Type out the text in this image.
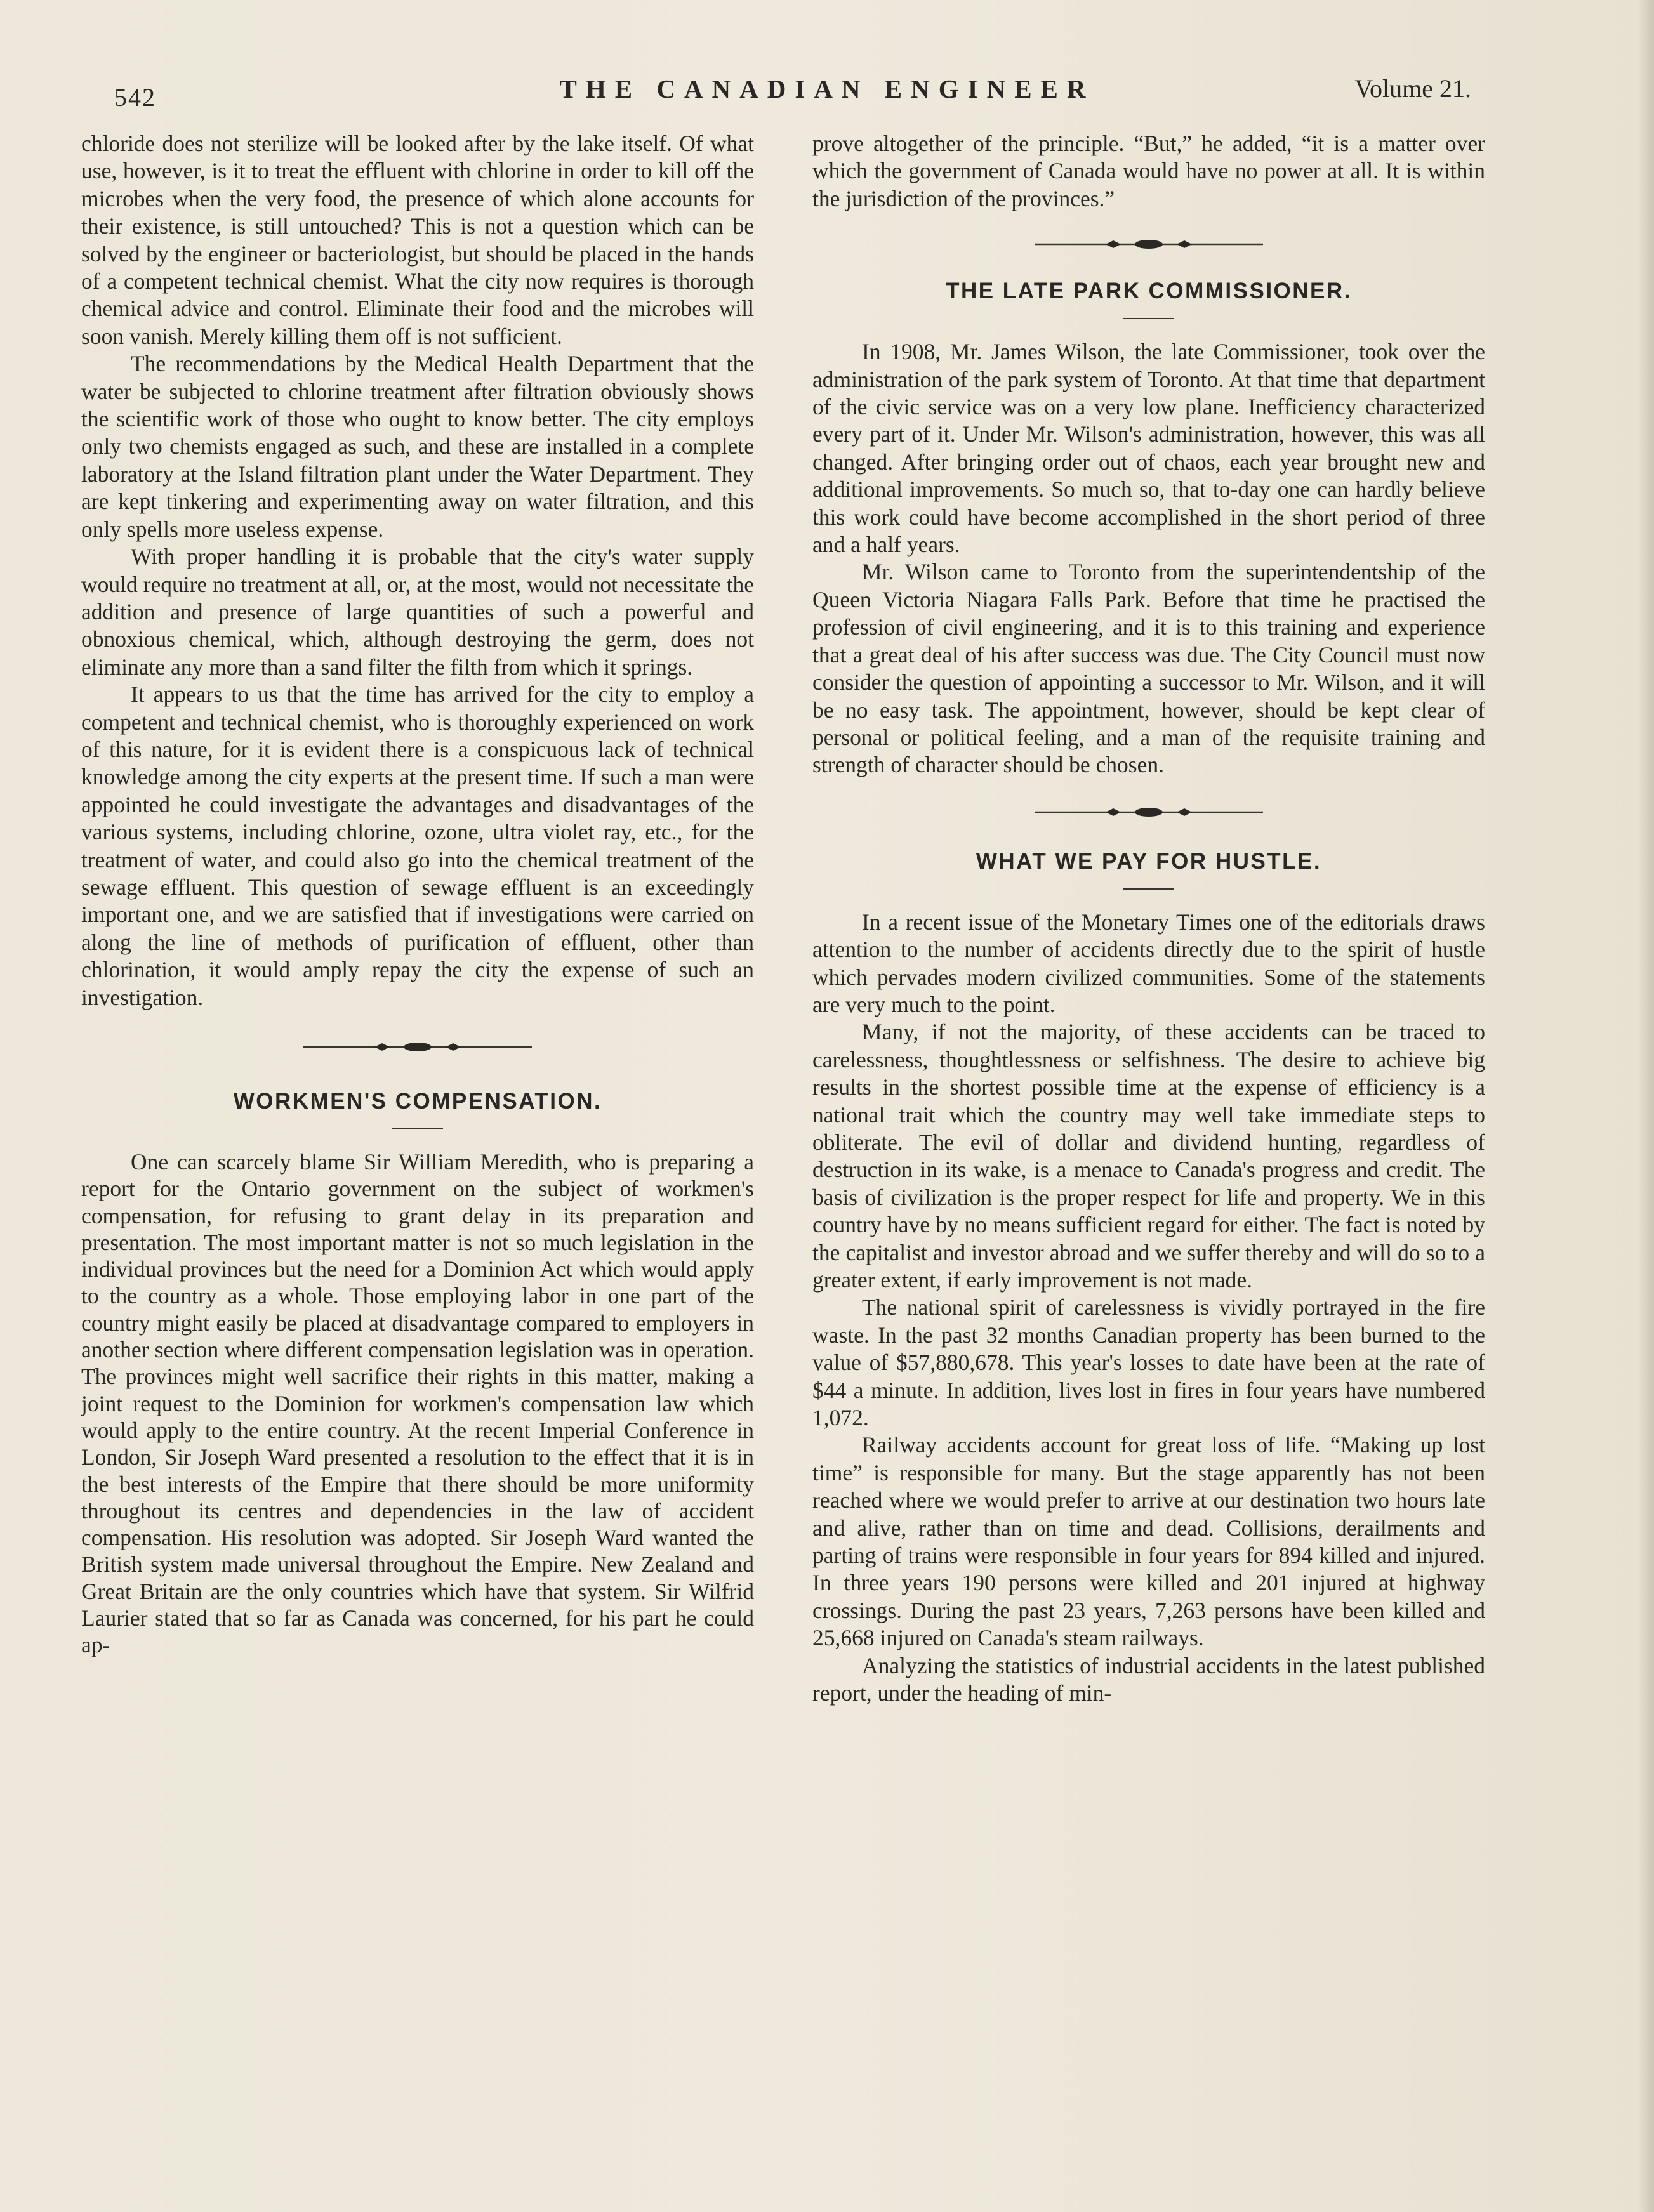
542	THE CANADIAN ENGINEER	Volume 21.

chloride does not sterilize will be looked after by the lake itself. Of what use, however, is it to treat the effluent with chlorine in order to kill off the microbes when the very food, the presence of which alone accounts for their existence, is still untouched? This is not a question which can be solved by the engineer or bacteriologist, but should be placed in the hands of a competent technical chemist. What the city now requires is thorough chemical advice and control. Eliminate their food and the microbes will soon vanish. Merely killing them off is not sufficient.

The recommendations by the Medical Health Department that the water be subjected to chlorine treatment after filtration obviously shows the scientific work of those who ought to know better. The city employs only two chemists engaged as such, and these are installed in a complete laboratory at the Island filtration plant under the Water Department. They are kept tinkering and experimenting away on water filtration, and this only spells more useless expense.

With proper handling it is probable that the city's water supply would require no treatment at all, or, at the most, would not necessitate the addition and presence of large quantities of such a powerful and obnoxious chemical, which, although destroying the germ, does not eliminate any more than a sand filter the filth from which it springs.

It appears to us that the time has arrived for the city to employ a competent and technical chemist, who is thoroughly experienced on work of this nature, for it is evident there is a conspicuous lack of technical knowledge among the city experts at the present time. If such a man were appointed he could investigate the advantages and disadvantages of the various systems, including chlorine, ozone, ultra violet ray, etc., for the treatment of water, and could also go into the chemical treatment of the sewage effluent. This question of sewage effluent is an exceedingly important one, and we are satisfied that if investigations were carried on along the line of methods of purification of effluent, other than chlorination, it would amply repay the city the expense of such an investigation.

WORKMEN'S COMPENSATION.

One can scarcely blame Sir William Meredith, who is preparing a report for the Ontario government on the subject of workmen's compensation, for refusing to grant delay in its preparation and presentation. The most important matter is not so much legislation in the individual provinces but the need for a Dominion Act which would apply to the country as a whole. Those employing labor in one part of the country might easily be placed at disadvantage compared to employers in another section where different compensation legislation was in operation. The provinces might well sacrifice their rights in this matter, making a joint request to the Dominion for workmen's compensation law which would apply to the entire country. At the recent Imperial Conference in London, Sir Joseph Ward presented a resolution to the effect that it is in the best interests of the Empire that there should be more uniformity throughout its centres and dependencies in the law of accident compensation. His resolution was adopted. Sir Joseph Ward wanted the British system made universal throughout the Empire. New Zealand and Great Britain are the only countries which have that system. Sir Wilfrid Laurier stated that so far as Canada was concerned, for his part he could ap-

prove altogether of the principle. “But,” he added, “it is a matter over which the government of Canada would have no power at all. It is within the jurisdiction of the provinces.”

THE LATE PARK COMMISSIONER.

In 1908, Mr. James Wilson, the late Commissioner, took over the administration of the park system of Toronto. At that time that department of the civic service was on a very low plane. Inefficiency characterized every part of it. Under Mr. Wilson's administration, however, this was all changed. After bringing order out of chaos, each year brought new and additional improvements. So much so, that to-day one can hardly believe this work could have become accomplished in the short period of three and a half years.

Mr. Wilson came to Toronto from the superintendentship of the Queen Victoria Niagara Falls Park. Before that time he practised the profession of civil engineering, and it is to this training and experience that a great deal of his after success was due. The City Council must now consider the question of appointing a successor to Mr. Wilson, and it will be no easy task. The appointment, however, should be kept clear of personal or political feeling, and a man of the requisite training and strength of character should be chosen.

WHAT WE PAY FOR HUSTLE.

In a recent issue of the Monetary Times one of the editorials draws attention to the number of accidents directly due to the spirit of hustle which pervades modern civilized communities. Some of the statements are very much to the point.

Many, if not the majority, of these accidents can be traced to carelessness, thoughtlessness or selfishness. The desire to achieve big results in the shortest possible time at the expense of efficiency is a national trait which the country may well take immediate steps to obliterate. The evil of dollar and dividend hunting, regardless of destruction in its wake, is a menace to Canada's progress and credit. The basis of civilization is the proper respect for life and property. We in this country have by no means sufficient regard for either. The fact is noted by the capitalist and investor abroad and we suffer thereby and will do so to a greater extent, if early improvement is not made.

The national spirit of carelessness is vividly portrayed in the fire waste. In the past 32 months Canadian property has been burned to the value of $57,880,678. This year's losses to date have been at the rate of $44 a minute. In addition, lives lost in fires in four years have numbered 1,072.

Railway accidents account for great loss of life. “Making up lost time” is responsible for many. But the stage apparently has not been reached where we would prefer to arrive at our destination two hours late and alive, rather than on time and dead. Collisions, derailments and parting of trains were responsible in four years for 894 killed and injured. In three years 190 persons were killed and 201 injured at highway crossings. During the past 23 years, 7,263 persons have been killed and 25,668 injured on Canada's steam railways.

Analyzing the statistics of industrial accidents in the latest published report, under the heading of min-
